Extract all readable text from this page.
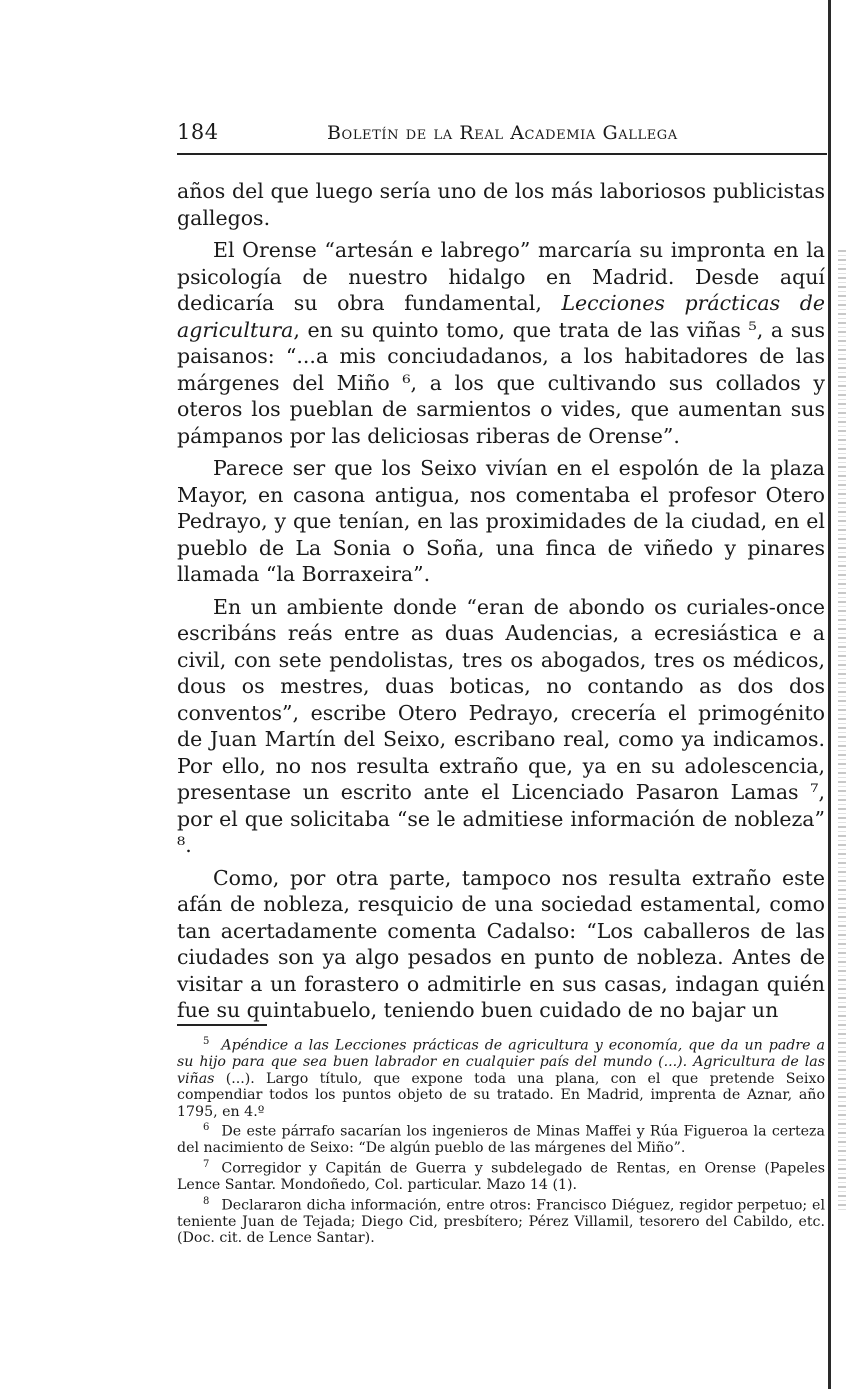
184	Boletín de la Real Academia Gallega

años del que luego sería uno de los más laboriosos publicistas gallegos.

El Orense “artesán e labrego” marcaría su impronta en la psicología de nuestro hidalgo en Madrid. Desde aquí dedicaría su obra fundamental, Lecciones prácticas de agricultura, en su quinto tomo, que trata de las viñas ⁵, a sus paisanos: “...a mis conciudadanos, a los habitadores de las márgenes del Miño ⁶, a los que cultivando sus collados y oteros los pueblan de sarmientos o vides, que aumentan sus pámpanos por las deliciosas riberas de Orense”.

Parece ser que los Seixo vivían en el espolón de la plaza Mayor, en casona antigua, nos comentaba el profesor Otero Pedrayo, y que tenían, en las proximidades de la ciudad, en el pueblo de La Sonia o Soña, una finca de viñedo y pinares llamada “la Borraxeira”.

En un ambiente donde “eran de abondo os curiales-once escribáns reás entre as duas Audencias, a ecresiástica e a civil, con sete pendolistas, tres os abogados, tres os médicos, dous os mestres, duas boticas, no contando as dos dos conventos”, escribe Otero Pedrayo, crecería el primogénito de Juan Martín del Seixo, escribano real, como ya indicamos. Por ello, no nos resulta extraño que, ya en su adolescencia, presentase un escrito ante el Licenciado Pasaron Lamas ⁷, por el que solicitaba “se le admitiese información de nobleza” ⁸.

Como, por otra parte, tampoco nos resulta extraño este afán de nobleza, resquicio de una sociedad estamental, como tan acertadamente comenta Cadalso: “Los caballeros de las ciudades son ya algo pesados en punto de nobleza. Antes de visitar a un forastero o admitirle en sus casas, indagan quién fue su quintabuelo, teniendo buen cuidado de no bajar un

$^5$ Apéndice a las Lecciones prácticas de agricultura y economía, que da un padre a su hijo para que sea buen labrador en cualquier país del mundo (...). Agricultura de las viñas (...). Largo título, que expone toda una plana, con el que pretende Seixo compendiar todos los puntos objeto de su tratado. En Madrid, imprenta de Aznar, año 1795, en 4.º

$^6$ De este párrafo sacarían los ingenieros de Minas Maffei y Rúa Figueroa la certeza del nacimiento de Seixo: “De algún pueblo de las márgenes del Miño”.

$^7$ Corregidor y Capitán de Guerra y subdelegado de Rentas, en Orense (Papeles Lence Santar. Mondoñedo, Col. particular. Mazo 14 (1).

$^8$ Declararon dicha información, entre otros: Francisco Diéguez, regidor perpetuo; el teniente Juan de Tejada; Diego Cid, presbítero; Pérez Villamil, tesorero del Cabildo, etc. (Doc. cit. de Lence Santar).
